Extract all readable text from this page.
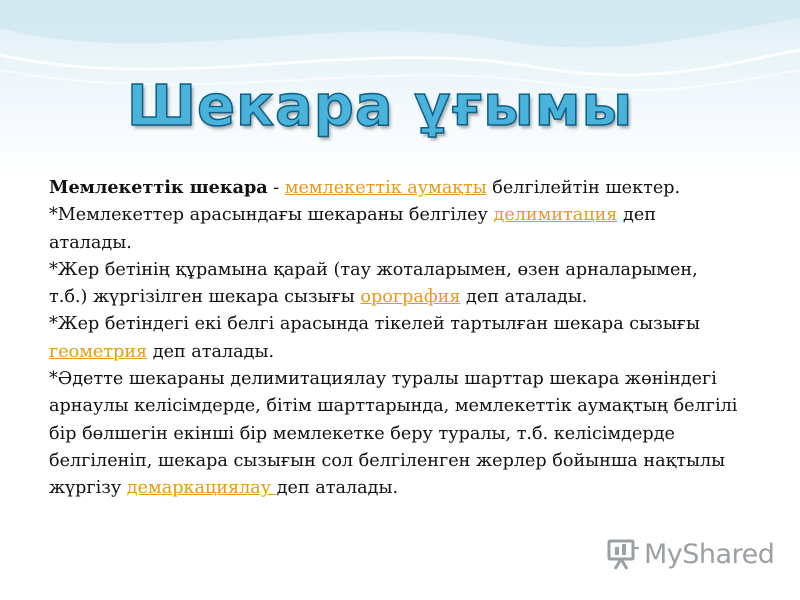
Шекара ұғымы

Мемлекеттік шекара - мемлекеттік аумақты белгілейтін шектер.

*Мемлекеттер арасындағы шекараны белгілеу делимитация деп аталады.

*Жер бетінің құрамына қарай (тау жоталарымен, өзен арналарымен, т.б.) жүргізілген шекара сызығы орография деп аталады.

*Жер бетіндегі екі белгі арасында тікелей тартылған шекара сызығы геометрия деп аталады.

*Әдетте шекараны делимитациялау туралы шарттар шекара жөніндегі арнаулы келісімдерде, бітім шарттарында, мемлекеттік аумақтың белгілі бір бөлшегін екінші бір мемлекетке беру туралы, т.б. келісімдерде белгіленіп, шекара сызығын сол белгіленген жерлер бойынша нақтылы жүргізу демаркациялау деп аталады.

MyShared
